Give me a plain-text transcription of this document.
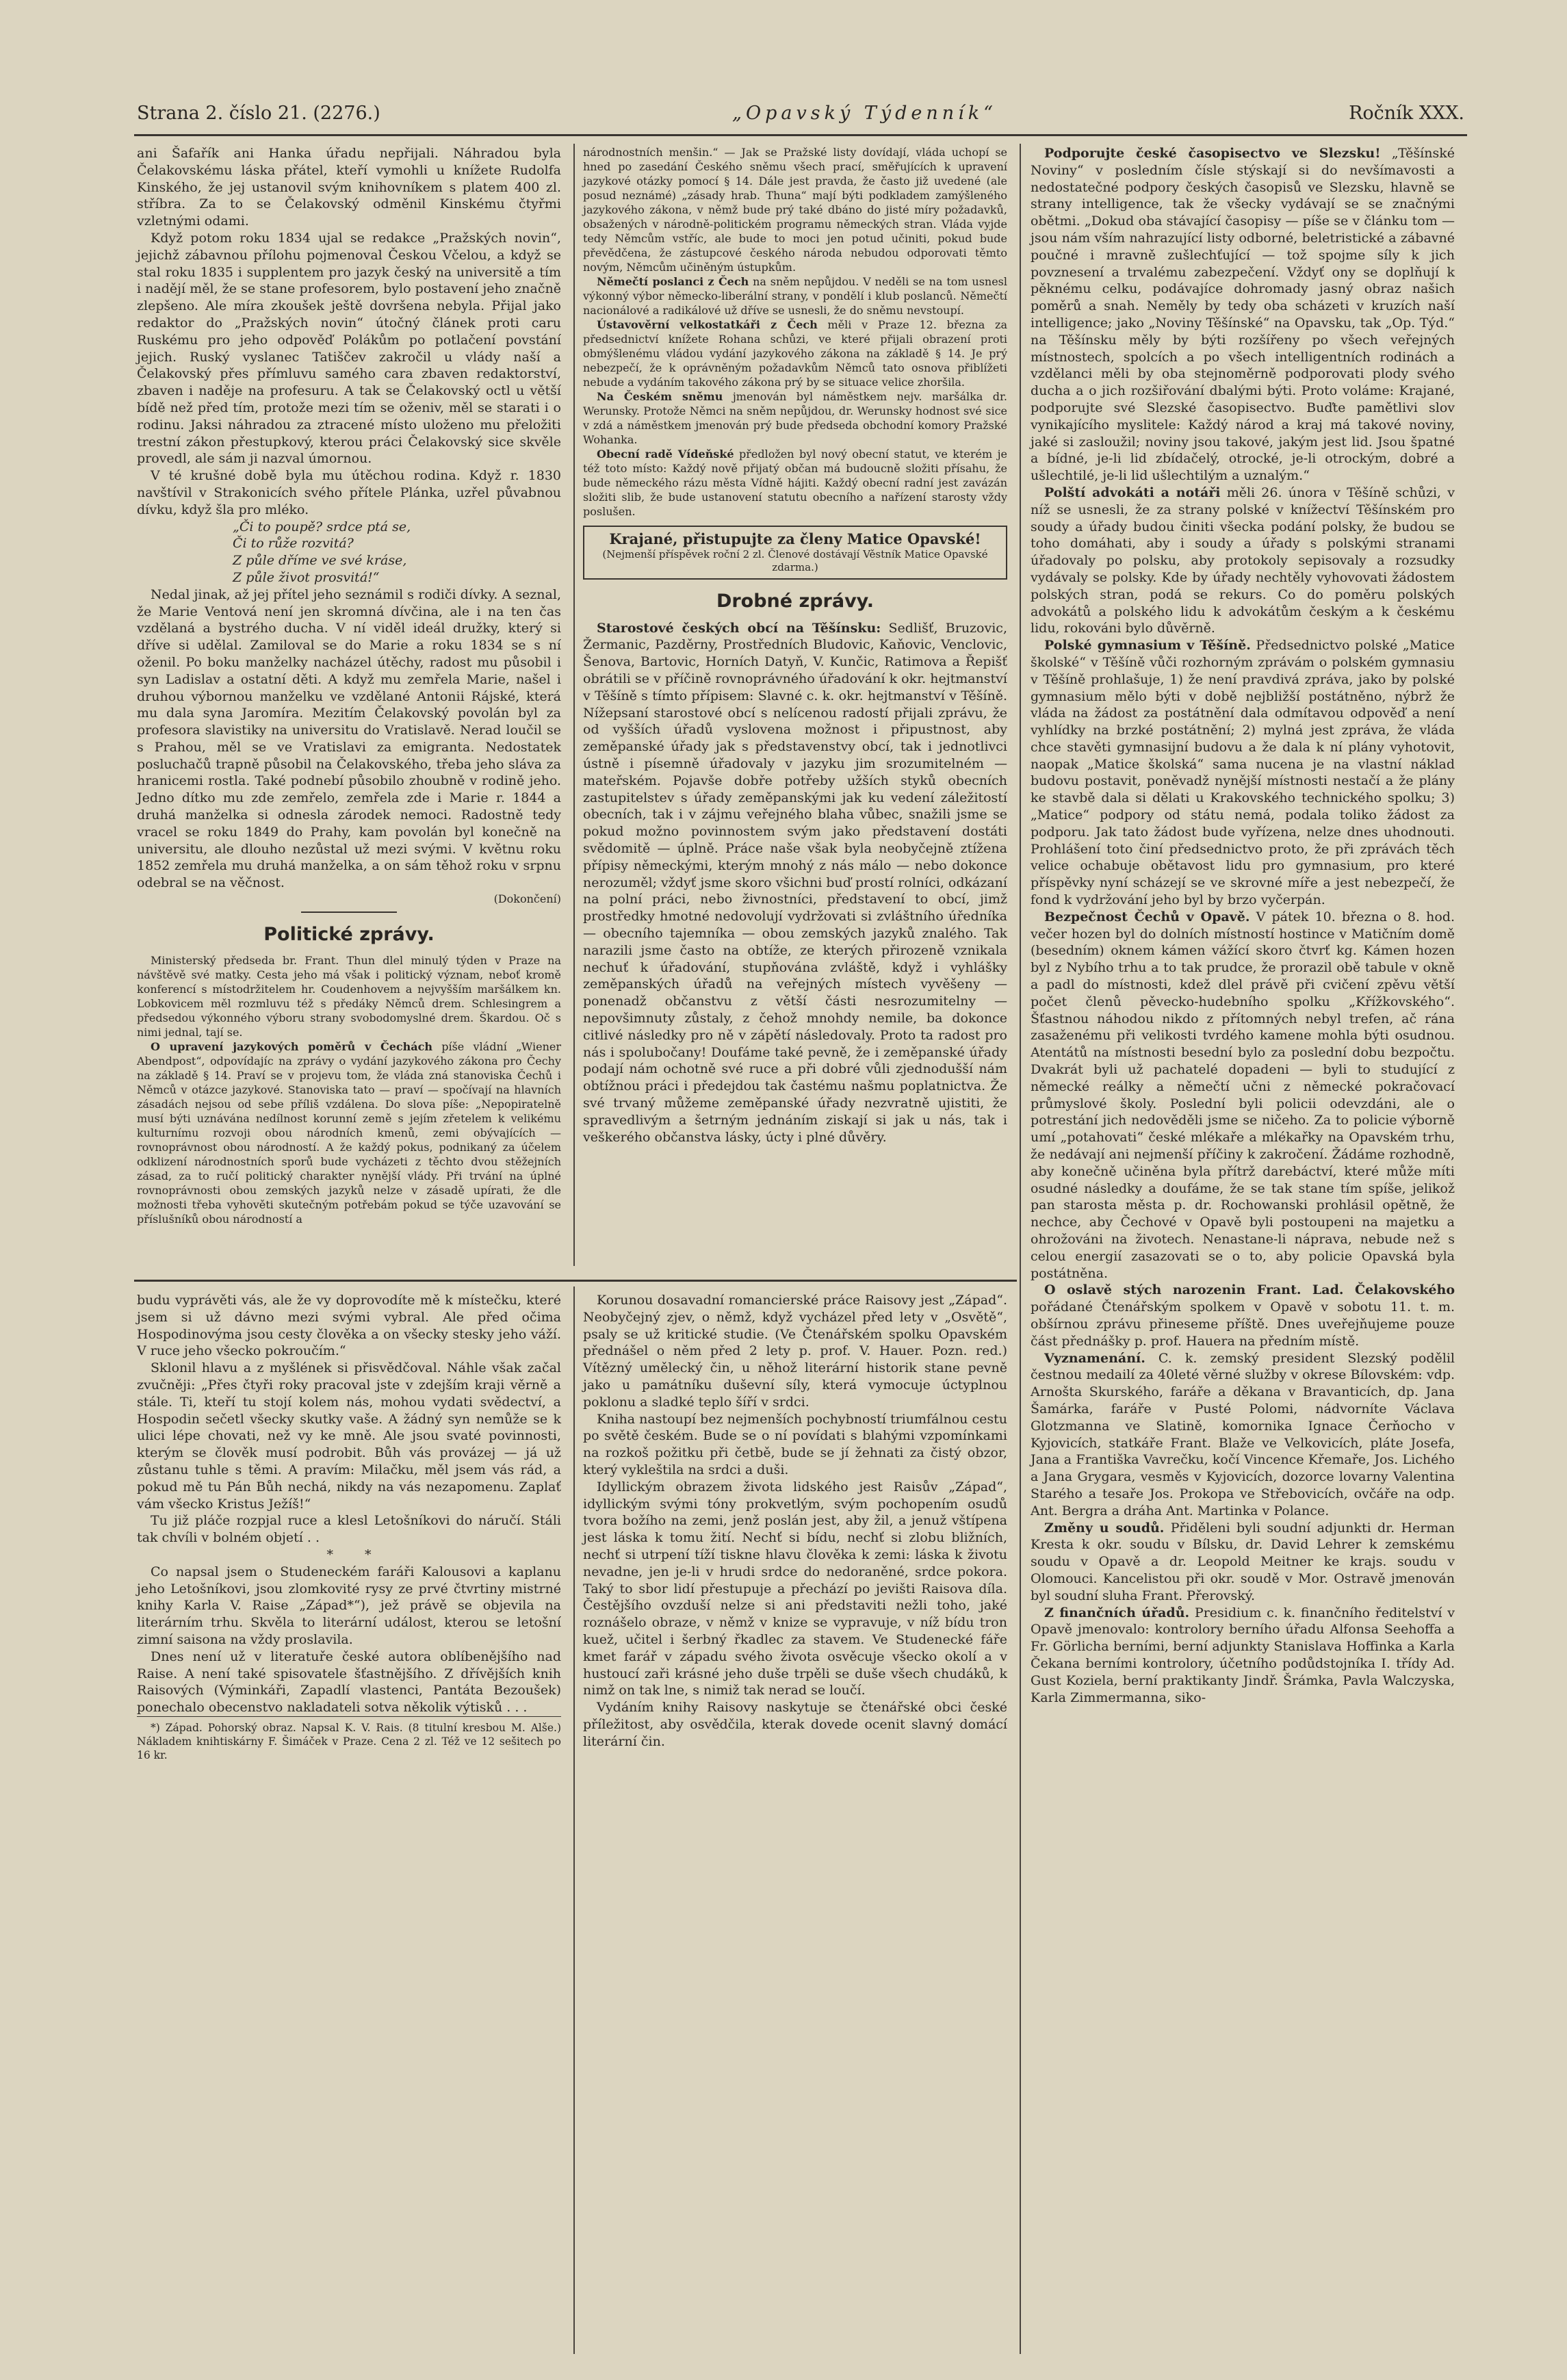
Strana 2. číslo 21. (2276.)	„Opavský Týdenník“	Ročník XXX.

ani Šafařík ani Hanka úřadu nepřijali. Náhradou byla Čelakovskému láska přátel, kteří vymohli u knížete Rudolfa Kinského, že jej ustanovil svým knihovníkem s platem 400 zl. stříbra. Za to se Čelakovský odměnil Kinskému čtyřmi vzletnými odami.

Když potom roku 1834 ujal se redakce „Pražských novin“, jejichž zábavnou přílohu pojmenoval Českou Včelou, a když se stal roku 1835 i supplentem pro jazyk český na universitě a tím i nadějí měl, že se stane profesorem, bylo postavení jeho značně zlepšeno. Ale míra zkoušek ještě dovršena nebyla. Přijal jako redaktor do „Pražských novin“ útočný článek proti caru Ruskému pro jeho odpověď Polákům po potlačení povstání jejich. Ruský vyslanec Tatiščev zakročil u vlády naší a Čelakovský přes přímluvu samého cara zbaven redaktorství, zbaven i naděje na profesuru. A tak se Čelakovský octl u větší bídě než před tím, protože mezi tím se oženiv, měl se starati i o rodinu. Jaksi náhradou za ztracené místo uloženo mu přeložiti trestní zákon přestupkový, kterou práci Čelakovský sice skvěle provedl, ale sám ji nazval úmornou.

V té krušné době byla mu útěchou rodina. Když r. 1830 navštívil v Strakonicích svého přítele Plánka, uzřel půvabnou dívku, když šla pro mléko.

„Či to poupě? srdce ptá se,

Či to růže rozvitá?

Z půle dříme ve své kráse,

Z půle život prosvitá!“

Nedal jinak, až jej přítel jeho seznámil s rodiči dívky. A seznal, že Marie Ventová není jen skromná dívčina, ale i na ten čas vzdělaná a bystrého ducha. V ní viděl ideál družky, který si dříve si udělal. Zamiloval se do Marie a roku 1834 se s ní oženil. Po boku manželky nacházel útěchy, radost mu působil i syn Ladislav a ostatní děti. A když mu zemřela Marie, našel i druhou výbornou manželku ve vzdělané Antonii Rájské, která mu dala syna Jaromíra. Mezitím Čelakovský povolán byl za profesora slavistiky na universitu do Vratislavě. Nerad loučil se s Prahou, měl se ve Vratislavi za emigranta. Nedostatek posluchačů trapně působil na Čelakovského, třeba jeho sláva za hranicemi rostla. Také podnebí působilo zhoubně v rodině jeho. Jedno dítko mu zde zemřelo, zemřela zde i Marie r. 1844 a druhá manželka si odnesla zárodek nemoci. Radostně tedy vracel se roku 1849 do Prahy, kam povolán byl konečně na universitu, ale dlouho nezůstal už mezi svými. V květnu roku 1852 zemřela mu druhá manželka, a on sám těhož roku v srpnu odebral se na věčnost.

(Dokončení)

Politické zprávy.

Ministerský předseda br. Frant. Thun dlel minulý týden v Praze na návštěvě své matky. Cesta jeho má však i politický význam, neboť kromě konferencí s místodržitelem hr. Coudenhovem a nejvyšším maršálkem kn. Lobkovicem měl rozmluvu též s předáky Němců drem. Schlesingrem a předsedou výkonného výboru strany svobodomyslné drem. Škardou. Oč s nimi jednal, tají se.

O upravení jazykových poměrů v Čechách píše vládní „Wiener Abendpost“, odpovídajíc na zprávy o vydání jazykového zákona pro Čechy na základě § 14. Praví se v projevu tom, že vláda zná stanoviska Čechů i Němců v otázce jazykové. Stanoviska tato — praví — spočívají na hlavních zásadách nejsou od sebe příliš vzdálena. Do slova píše: „Nepopiratelně musí býti uznávána nedílnost korunní země s jejím zřetelem k velikému kulturnímu rozvoji obou národních kmenů, zemi obývajících — rovnoprávnost obou národností. A že každý pokus, podnikaný za účelem odklizení národnostních sporů bude vycházeti z těchto dvou stěžejních zásad, za to ručí politický charakter nynější vlády. Při trvání na úplné rovnoprávnosti obou zemských jazyků nelze v zásadě upírati, že dle možnosti třeba vyhověti skutečným potřebám pokud se týče uzavování se příslušníků obou národností a

národnostních menšin.“ — Jak se Pražské listy dovídají, vláda uchopí se hned po zasedání Českého sněmu všech prací, směřujících k upravení jazykové otázky pomocí § 14. Dále jest pravda, že často již uvedené (ale posud neznámé) „zásady hrab. Thuna“ mají býti podkladem zamýšleného jazykového zákona, v němž bude prý také dbáno do jisté míry požadavků, obsažených v národně-politickém programu německých stran. Vláda vyjde tedy Němcům vstříc, ale bude to moci jen potud učiniti, pokud bude převědčena, že zástupcové českého národa nebudou odporovati těmto novým, Němcům učiněným ústupkům.

Němečtí poslanci z Čech na sněm nepůjdou. V neděli se na tom usnesl výkonný výbor německo-liberální strany, v pondělí i klub poslanců. Němečtí nacionálové a radikálové už dříve se usnesli, že do sněmu nevstoupí.

Ústavověrní velkostatkáři z Čech měli v Praze 12. března za předsednictví knížete Rohana schůzi, ve které přijali obrazení proti obmýšlenému vládou vydání jazykového zákona na základě § 14. Je prý nebezpečí, že k oprávněným požadavkům Němců tato osnova přiblížeti nebude a vydáním takového zákona prý by se situace velice zhoršila.

Na Českém sněmu jmenován byl náměstkem nejv. maršálka dr. Werunsky. Protože Němci na sněm nepůjdou, dr. Werunsky hodnost své sice v zdá a náměstkem jmenován prý bude předseda obchodní komory Pražské Wohanka.

Obecní radě Vídeňské předložen byl nový obecní statut, ve kterém je též toto místo: Každý nově přijatý občan má budoucně složiti přísahu, že bude německého rázu města Vídně hájiti. Každý obecní radní jest zavázán složiti slib, že bude ustanovení statutu obecního a nařízení starosty vždy poslušen.

Krajané, přistupujte za členy Matice Opavské!
(Nejmenší příspěvek roční 2 zl. Členové dostávají Věstník Matice Opavské zdarma.)
Drobné zprávy.

Starostové českých obcí na Těšínsku: Sedlišť, Bruzovic, Žermanic, Pazděrny, Prostředních Bludovic, Kaňovic, Venclovic, Šenova, Bartovic, Horních Datyň, V. Kunčic, Ratimova a Řepišť obrátili se v příčině rovnoprávného úřadování k okr. hejtmanství v Těšíně s tímto přípisem: Slavné c. k. okr. hejtmanství v Těšíně. Nížepsaní starostové obcí s nelícenou radostí přijali zprávu, že od vyšších úřadů vyslovena možnost i připustnost, aby zeměpanské úřady jak s představenstvy obcí, tak i jednotlivci ústně i písemně úřadovaly v jazyku jim srozumitelném — mateřském. Pojavše dobře potřeby užších styků obecních zastupitelstev s úřady zeměpanskými jak ku vedení záležitostí obecních, tak i v zájmu veřejného blaha vůbec, snažili jsme se pokud možno povinnostem svým jako představení dostáti svědomitě — úplně. Práce naše však byla neobyčejně ztížena přípisy německými, kterým mnohý z nás málo — nebo dokonce nerozuměl; vždyť jsme skoro všichni buď prostí rolníci, odkázaní na polní práci, nebo živnostníci, představení to obcí, jimž prostředky hmotné nedovolují vydržovati si zvláštního úředníka — obecního tajemníka — obou zemských jazyků znalého. Tak narazili jsme často na obtíže, ze kterých přirozeně vznikala nechuť k úřadování, stupňována zvláště, když i vyhlášky zeměpanských úřadů na veřejných místech vyvěšeny — ponenadž občanstvu z větší části nesrozumitelny — nepovšimnuty zůstaly, z čehož mnohdy nemile, ba dokonce citlivé následky pro ně v zápětí následovaly. Proto ta radost pro nás i spolubočany! Doufáme také pevně, že i zeměpanské úřady podají nám ochotně své ruce a při dobré vůli zjednodušší nám obtížnou práci i předejdou tak častému našmu poplatnictva. Že své trvaný můžeme zeměpanské úřady nezvratně ujistiti, že spravedlivým a šetrným jednáním ziskají si jak u nás, tak i veškerého občanstva lásky, úcty i plné důvěry.

Podporujte české časopisectvo ve Slezsku! „Těšínské Noviny“ v posledním čísle stýskají si do nevšímavosti a nedostatečné podpory českých časopisů ve Slezsku, hlavně se strany intelligence, tak že všecky vydávají se se značnými obětmi. „Dokud oba stávající časopisy — píše se v článku tom — jsou nám vším nahrazující listy odborné, beletristické a zábavné poučné i mravně zušlechťující — tož spojme síly k jich povznesení a trvalému zabezpečení. Vždyť ony se doplňují k pěknému celku, podávajíce dohromady jasný obraz našich poměrů a snah. Neměly by tedy oba scházeti v kruzích naší intelligence; jako „Noviny Těšínské“ na Opavsku, tak „Op. Týd.“ na Těšínsku měly by býti rozšířeny po všech veřejných místnostech, spolcích a po všech intelligentních rodinách a vzdělanci měli by oba stejnoměrně podporovati plody svého ducha a o jich rozšiřování dbalými býti. Proto voláme: Krajané, podporujte své Slezské časopisectvo. Buďte pamětlivi slov vynikajícího myslitele: Každý národ a kraj má takové noviny, jaké si zasloužil; noviny jsou takové, jakým jest lid. Jsou špatné a bídné, je-li lid zbídačelý, otrocké, je-li otrockým, dobré a ušlechtilé, je-li lid ušlechtilým a uznalým.“

Polští advokáti a notáři měli 26. února v Těšíně schůzi, v níž se usnesli, že za strany polské v knížectví Těšínském pro soudy a úřady budou činiti všecka podání polsky, že budou se toho domáhati, aby i soudy a úřady s polskými stranami úřadovaly po polsku, aby protokoly sepisovaly a rozsudky vydávaly se polsky. Kde by úřady nechtěly vyhovovati žádostem polských stran, podá se rekurs. Co do poměru polských advokátů a polského lidu k advokátům českým a k českému lidu, rokováni bylo důvěrně.

Polské gymnasium v Těšíně. Předsednictvo polské „Matice školské“ v Těšíně vůči rozhorným zprávám o polském gymnasiu v Těšíně prohlašuje, 1) že není pravdivá zpráva, jako by polské gymnasium mělo býti v době nejbližší postátněno, nýbrž že vláda na žádost za postátnění dala odmítavou odpověď a není vyhlídky na brzké postátnění; 2) mylná jest zpráva, že vláda chce stavěti gymnasijní budovu a že dala k ní plány vyhotovit, naopak „Matice školská“ sama nucena je na vlastní náklad budovu postavit, poněvadž nynější místnosti nestačí a že plány ke stavbě dala si dělati u Krakovského technického spolku; 3) „Matice“ podpory od státu nemá, podala toliko žádost za podporu. Jak tato žádost bude vyřízena, nelze dnes uhodnouti. Prohlášení toto činí předsednictvo proto, že při zprávách těch velice ochabuje obětavost lidu pro gymnasium, pro které příspěvky nyní scházejí se ve skrovné míře a jest nebezpečí, že fond k vydržování jeho byl by brzo vyčerpán.

Bezpečnost Čechů v Opavě. V pátek 10. března o 8. hod. večer hozen byl do dolních místností hostince v Matičním domě (besedním) oknem kámen vážící skoro čtvrť kg. Kámen hozen byl z Nybího trhu a to tak prudce, že prorazil obě tabule v okně a padl do místnosti, kdež dlel právě při cvičení zpěvu větší počet členů pěvecko-hudebního spolku „Křížkovského“. Šťastnou náhodou nikdo z přítomných nebyl trefen, ač rána zasaženému při velikosti tvrdého kamene mohla býti osudnou. Atentátů na místnosti besední bylo za poslední dobu bezpočtu. Dvakrát byli už pachatelé dopadeni — byli to studující z německé reálky a němečtí učni z německé pokračovací průmyslové školy. Poslední byli policii odevzdáni, ale o potrestání jich nedověděli jsme se ničeho. Za to policie výborně umí „potahovati“ české mlékaře a mlékařky na Opavském trhu, že nedávají ani nejmenší příčiny k zakročení. Žádáme rozhodně, aby konečně učiněna byla přítrž darebáctví, které může míti osudné následky a doufáme, že se tak stane tím spíše, jelikož pan starosta města p. dr. Rochowanski prohlásil opětně, že nechce, aby Čechové v Opavě byli postoupeni na majetku a ohrožováni na životech. Nenastane-li náprava, nebude než s celou energií zasazovati se o to, aby policie Opavská byla postátněna.

O oslavě stých narozenin Frant. Lad. Čelakovského pořádané Čtenářským spolkem v Opavě v sobotu 11. t. m. obšírnou zprávu přineseme příště. Dnes uveřejňujeme pouze část přednášky p. prof. Hauera na předním místě.

Vyznamenání. C. k. zemský president Slezský podělil čestnou medailí za 40leté věrné služby v okrese Bílovském: vdp. Arnošta Skurského, faráře a děkana v Bravanticích, dp. Jana Šamárka, faráře v Pusté Polomi, nádvorníte Václava Glotzmanna ve Slatině, komornika Ignace Čerňocho v Kyjovicích, statkáře Frant. Blaže ve Velkovicích, pláte Josefa, Jana a Františka Vavrečku, kočí Vincence Křemaře, Jos. Lichého a Jana Grygara, vesměs v Kyjovicích, dozorce lovarny Valentina Starého a tesaře Jos. Prokopa ve Střebovicích, ovčáře na odp. Ant. Bergra a dráha Ant. Martinka v Polance.

Změny u soudů. Přiděleni byli soudní adjunkti dr. Herman Kresta k okr. soudu v Bílsku, dr. David Lehrer k zemskému soudu v Opavě a dr. Leopold Meitner ke krajs. soudu v Olomouci. Kancelistou při okr. soudě v Mor. Ostravě jmenován byl soudní sluha Frant. Přerovský.

Z finančních úřadů. Presidium c. k. finančního ředitelství v Opavě jmenovalo: kontrolory berního úřadu Alfonsa Seehoffa a Fr. Görlicha berními, berní adjunkty Stanislava Hoffinka a Karla Čekana berními kontrolory, účetního podůdstojníka I. třídy Ad. Gust Koziela, berní praktikanty Jindř. Šrámka, Pavla Walczyska, Karla Zimmermanna, siko-

budu vyprávěti vás, ale že vy doprovodíte mě k místečku, které jsem si už dávno mezi svými vybral. Ale před očima Hospodinovýma jsou cesty člověka a on všecky stesky jeho váží. V ruce jeho všecko pokroučím.“

Sklonil hlavu a z myšlének si přisvědčoval. Náhle však začal zvučněji: „Přes čtyři roky pracoval jste v zdejším kraji věrně a stále. Ti, kteří tu stojí kolem nás, mohou vydati svědectví, a Hospodin sečetl všecky skutky vaše. A žádný syn nemůže se k ulici lépe chovati, než vy ke mně. Ale jsou svaté povinnosti, kterým se člověk musí podrobit. Bůh vás provázej — já už zůstanu tuhle s těmi. A pravím: Milačku, měl jsem vás rád, a pokud mě tu Pán Bůh nechá, nikdy na vás nezapomenu. Zaplať vám všecko Kristus Ježíš!“

Tu již pláče rozpjal ruce a klesl Letošníkovi do náručí. Stáli tak chvíli v bolném objetí . .

* *

Co napsal jsem o Studeneckém faráři Kalousovi a kaplanu jeho Letošníkovi, jsou zlomkovité rysy ze prvé čtvrtiny mistrné knihy Karla V. Raise „Západ*“), jež právě se objevila na literárním trhu. Skvěla to literární událost, kterou se letošní zimní saisona na vždy proslavila.

Dnes není už v literatuře české autora oblíbenějšího nad Raise. A není také spisovatele šťastnějšího. Z dřívějších knih Raisových (Výminkáři, Zapadlí vlastenci, Pantáta Bezoušek) ponechalo obecenstvo nakladateli sotva několik výtisků . . .

*) Západ. Pohorský obraz. Napsal K. V. Rais. (8 titulní kresbou M. Alše.) Nákladem knihtiskárny F. Šimáček v Praze. Cena 2 zl. Též ve 12 sešitech po 16 kr.

Korunou dosavadní romancierské práce Raisovy jest „Západ“. Neobyčejný zjev, o němž, když vycházel před lety v „Osvětě“, psaly se už kritické studie. (Ve Čtenářském spolku Opavském přednášel o něm před 2 lety p. prof. V. Hauer. Pozn. red.) Vítězný umělecký čin, u něhož literární historik stane pevně jako u památníku duševní síly, která vymocuje úctyplnou poklonu a sladké teplo šíří v srdci.

Kniha nastoupí bez nejmenších pochybností triumfálnou cestu po světě českém. Bude se o ní povídati s blahými vzpomínkami na rozkoš požitku při četbě, bude se jí žehnati za čistý obzor, který vykleštila na srdci a duši.

Idyllickým obrazem života lidského jest Raisův „Západ“, idyllickým svými tóny prokvetlým, svým pochopením osudů tvora božího na zemi, jenž poslán jest, aby žil, a jenuž vštípena jest láska k tomu žití. Nechť si bídu, nechť si zlobu bližních, nechť si utrpení tíží tiskne hlavu člověka k zemi: láska k životu nevadne, jen je-li v hrudi srdce do nedoraněné, srdce pokora. Taký to sbor lidí přestupuje a přechází po jevišti Raisova díla. Čestějšího ovzduší nelze si ani představiti nežli toho, jaké roznášelo obraze, v němž v knize se vypravuje, v níž bídu tron kuež, učitel i šerbný řkadlec za stavem. Ve Studenecké fáře kmet farář v západu svého života osvěcuje všecko okolí a v hustoucí zaři krásné jeho duše trpěli se duše všech chudáků, k nimž on tak lne, s nimiž tak nerad se loučí.

Vydáním knihy Raisovy naskytuje se čtenářské obci české příležitost, aby osvědčila, kterak dovede ocenit slavný domácí literární čin.
